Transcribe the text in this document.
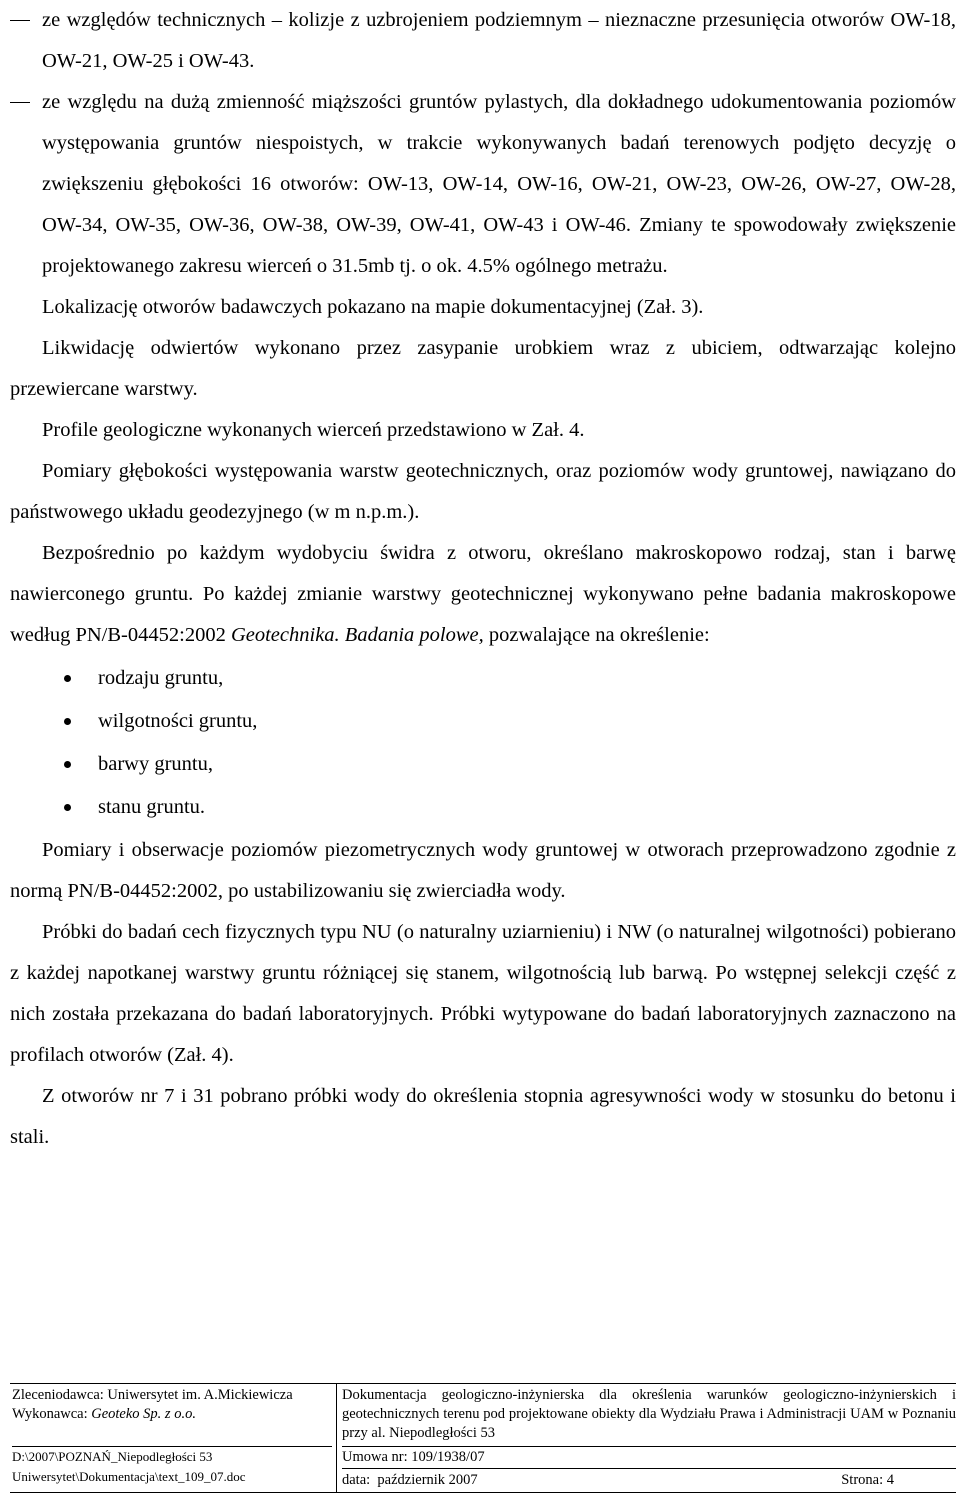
ze względów technicznych – kolizje z uzbrojeniem podziemnym – nieznaczne przesunięcia otworów OW-18, OW-21, OW-25 i OW-43.

ze względu na dużą zmienność miąższości gruntów pylastych, dla dokładnego udokumentowania poziomów występowania gruntów niespoistych, w trakcie wykonywanych badań terenowych podjęto decyzję o zwiększeniu głębokości 16 otworów: OW-13, OW-14, OW-16, OW-21, OW-23, OW-26, OW-27, OW-28, OW-34, OW-35, OW-36, OW-38, OW-39, OW-41, OW-43 i OW-46. Zmiany te spowodowały zwiększenie projektowanego zakresu wierceń o 31.5mb tj. o ok. 4.5% ogólnego metrażu.

Lokalizację otworów badawczych pokazano na mapie dokumentacyjnej (Zał. 3).

Likwidację odwiertów wykonano przez zasypanie urobkiem wraz z ubiciem, odtwarzając kolejno przewiercane warstwy.

Profile geologiczne wykonanych wierceń przedstawiono w Zał. 4.

Pomiary głębokości występowania warstw geotechnicznych, oraz poziomów wody gruntowej, nawiązano do państwowego układu geodezyjnego (w m n.p.m.).

Bezpośrednio po każdym wydobyciu świdra z otworu, określano makroskopowo rodzaj, stan i barwę nawierconego gruntu. Po każdej zmianie warstwy geotechnicznej wykonywano pełne badania makroskopowe według PN/B-04452:2002 Geotechnika. Badania polowe, pozwalające na określenie:

rodzaju gruntu,
wilgotności gruntu,
barwy gruntu,
stanu gruntu.

Pomiary i obserwacje poziomów piezometrycznych wody gruntowej w otworach przeprowadzono zgodnie z normą PN/B-04452:2002, po ustabilizowaniu się zwierciadła wody.

Próbki do badań cech fizycznych typu NU (o naturalny uziarnieniu) i NW (o naturalnej wilgotności) pobierano z każdej napotkanej warstwy gruntu różniącej się stanem, wilgotnością lub barwą. Po wstępnej selekcji część z nich została przekazana do badań laboratoryjnych. Próbki wytypowane do badań laboratoryjnych zaznaczono na profilach otworów (Zał. 4).

Z otworów nr 7 i 31 pobrano próbki wody do określenia stopnia agresywności wody w stosunku do betonu i stali.

Zleceniodawca: Uniwersytet im. A.Mickiewicza
Wykonawca: Geoteko Sp. z o.o.
D:\2007\POZNAŃ_Niepodległości 53
Uniwersytet\Dokumentacja\text_109_07.doc
Dokumentacja geologiczno-inżynierska dla określenia warunków geologiczno-inżynierskich i geotechnicznych terenu pod projektowane obiekty dla Wydziału Prawa i Administracji UAM w Poznaniu przy al. Niepodległości 53
Umowa nr: 109/1938/07
data:  październik 2007	Strona: 4
